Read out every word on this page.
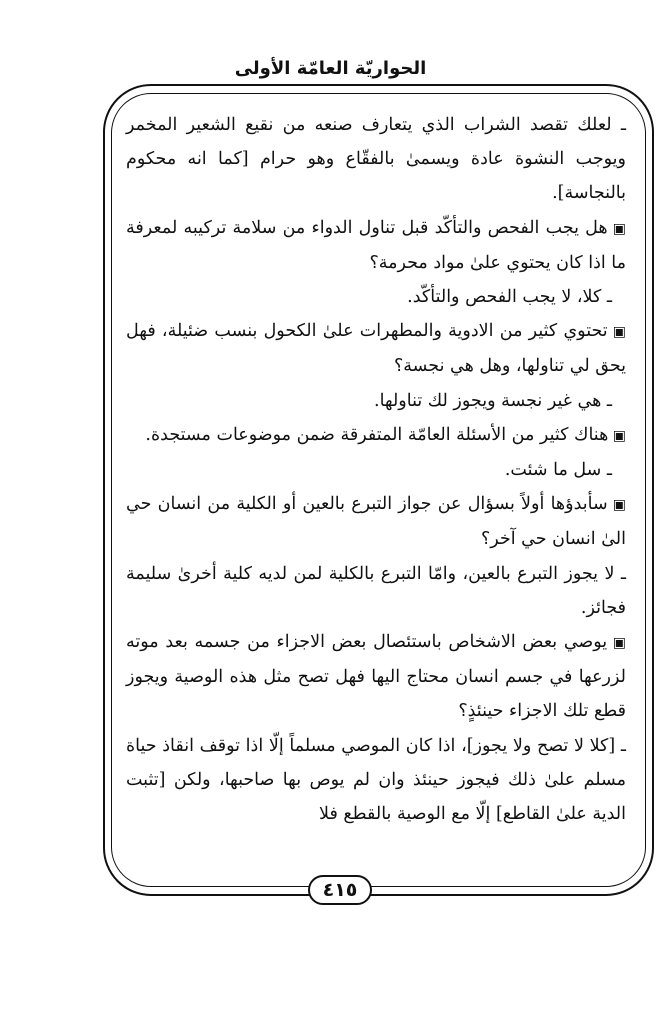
الحواريّة العامّة الأولى

ـ لعلك تقصد الشراب الذي يتعارف صنعه من نقيع الشعير المخمر ويوجب النشوة عادة ويسمىٰ بالفقّاع وهو حرام [كما انه محكوم بالنجاسة].

▣ هل يجب الفحص والتأكّد قبل تناول الدواء من سلامة تركيبه لمعرفة ما اذا كان يحتوي علىٰ مواد محرمة؟

ـ كلا، لا يجب الفحص والتأكّد.

▣ تحتوي كثير من الادوية والمطهرات علىٰ الكحول بنسب ضئيلة، فهل يحق لي تناولها، وهل هي نجسة؟

ـ هي غير نجسة ويجوز لك تناولها.

▣ هناك كثير من الأسئلة العامّة المتفرقة ضمن موضوعات مستجدة.

ـ سل ما شئت.

▣ سأبدؤها أولاً بسؤال عن جواز التبرع بالعين أو الكلية من انسان حي الىٰ انسان حي آخر؟

ـ لا يجوز التبرع بالعين، وامّا التبرع بالكلية لمن لديه كلية أخرىٰ سليمة فجائز.

▣ يوصي بعض الاشخاص باستئصال بعض الاجزاء من جسمه بعد موته لزرعها في جسم انسان محتاج اليها فهل تصح مثل هذه الوصية ويجوز قطع تلك الاجزاء حينئذٍ؟

ـ [كلا لا تصح ولا يجوز]، اذا كان الموصي مسلماً إلّا اذا توقف انقاذ حياة مسلم علىٰ ذلك فيجوز حينئذ وان لم يوص بها صاحبها، ولكن [تثبت الدية علىٰ القاطع] إلّا مع الوصية بالقطع فلا

٤١٥
